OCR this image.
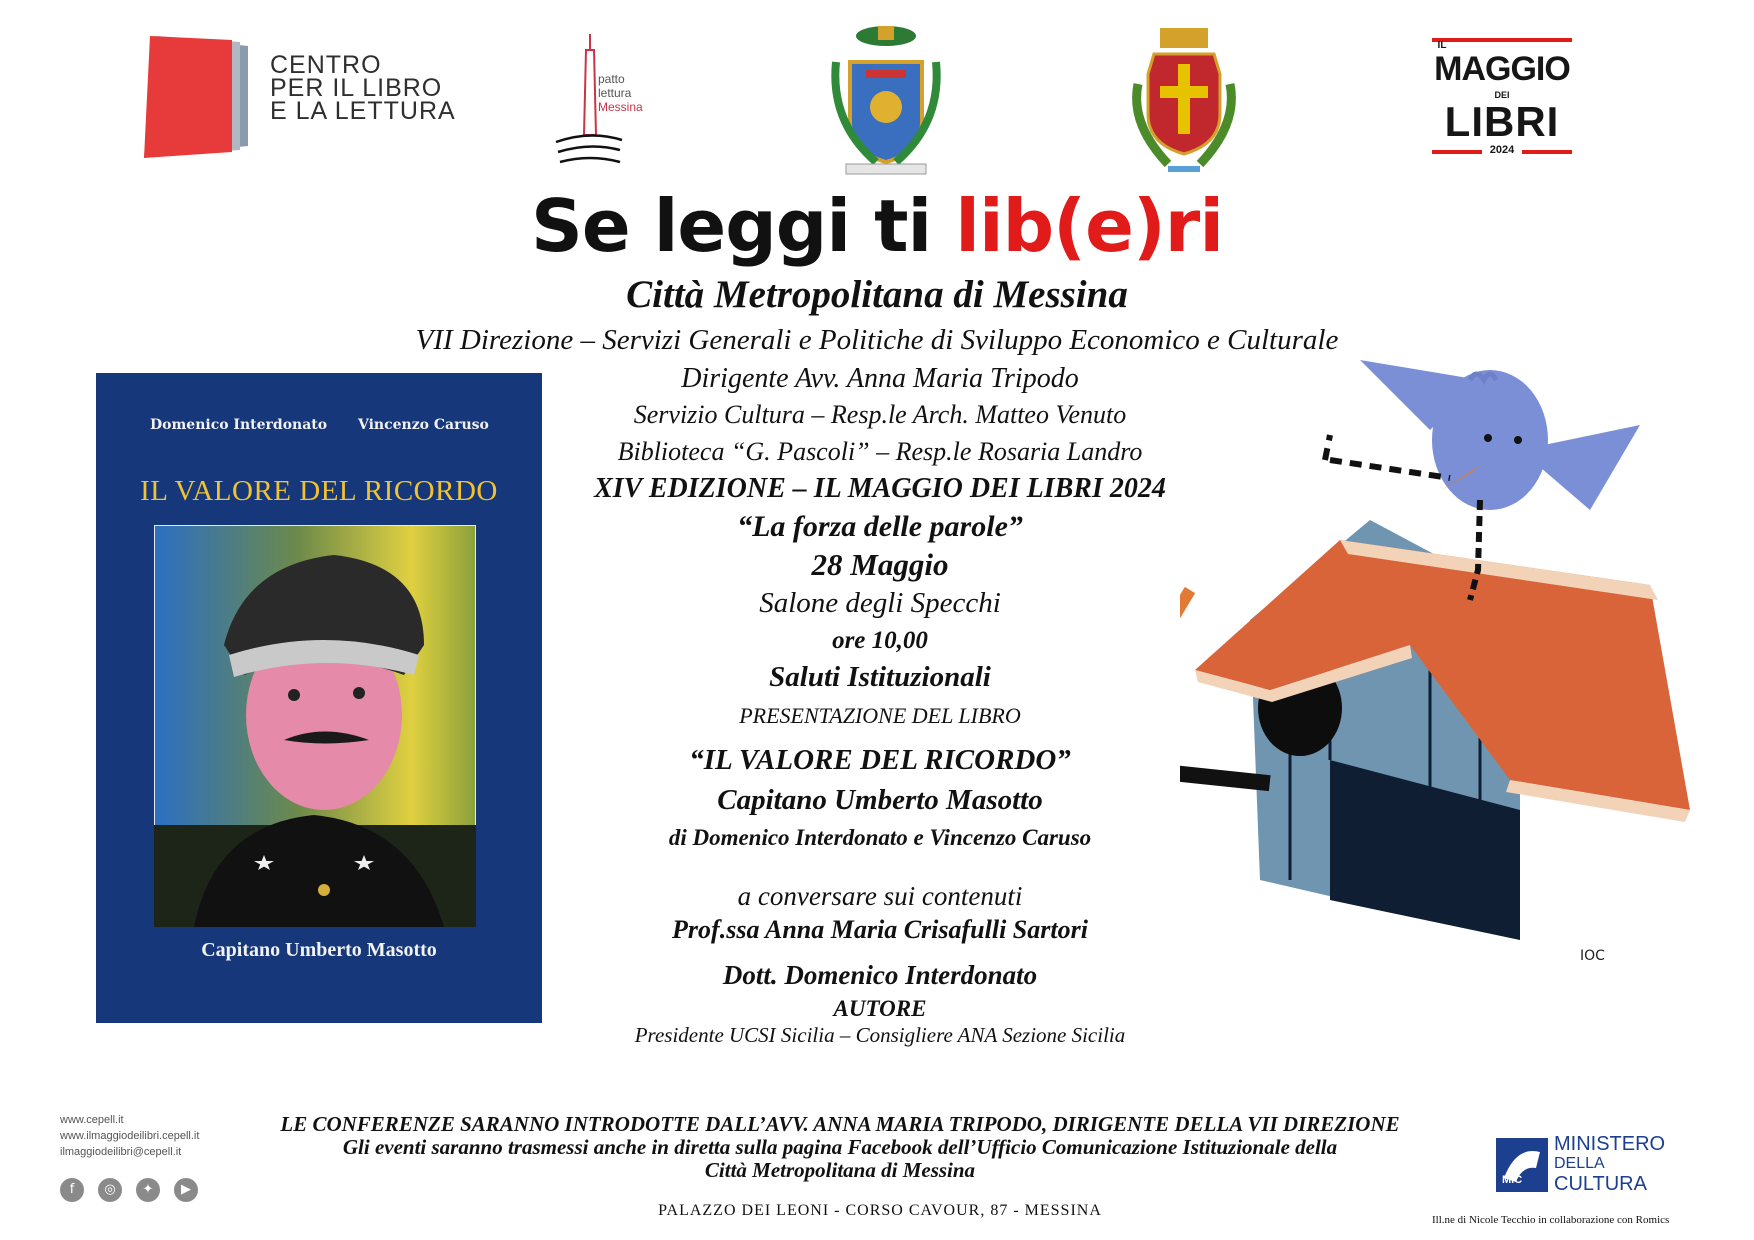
CENTRO
PER IL LIBRO
E LA LETTURA
patto
lettura
Messina
IL
MAGGIO
DEI
LIBRI
2024
Se leggi ti lib(e)ri
Città Metropolitana di Messina
VII Direzione – Servizi Generali e Politiche di Sviluppo Economico e Culturale
Dirigente Avv. Anna Maria Tripodo
Servizio Cultura – Resp.le Arch. Matteo Venuto
Biblioteca “G. Pascoli” – Resp.le Rosaria Landro
XIV EDIZIONE – IL MAGGIO DEI LIBRI 2024
“La forza delle parole”
28 Maggio
Salone degli Specchi
ore 10,00
Saluti Istituzionali
PRESENTAZIONE DEL LIBRO
“IL VALORE DEL RICORDO”
Capitano Umberto Masotto
di Domenico Interdonato e Vincenzo Caruso
a conversare sui contenuti
Prof.ssa Anna Maria Crisafulli Sartori
Dott. Domenico Interdonato
AUTORE
Presidente UCSI Sicilia – Consigliere ANA Sezione Sicilia
Domenico Interdonato Vincenzo Caruso
IL VALORE DEL RICORDO
Capitano Umberto Masotto	IOC
www.cepell.it
www.ilmaggiodeilibri.cepell.it
ilmaggiodeilibri@cepell.it
f	◎	✦	▶
LE CONFERENZE SARANNO INTRODOTTE DALL’AVV. ANNA MARIA TRIPODO, DIRIGENTE DELLA VII DIREZIONE
Gli eventi saranno trasmessi anche in diretta sulla pagina Facebook dell’Ufficio Comunicazione Istituzionale della
Città Metropolitana di Messina
PALAZZO DEI LEONI - CORSO CAVOUR, 87 - MESSINA
MiC
MINISTERO
DELLA
CULTURA
Ill.ne di Nicole Tecchio in collaborazione con Romics
